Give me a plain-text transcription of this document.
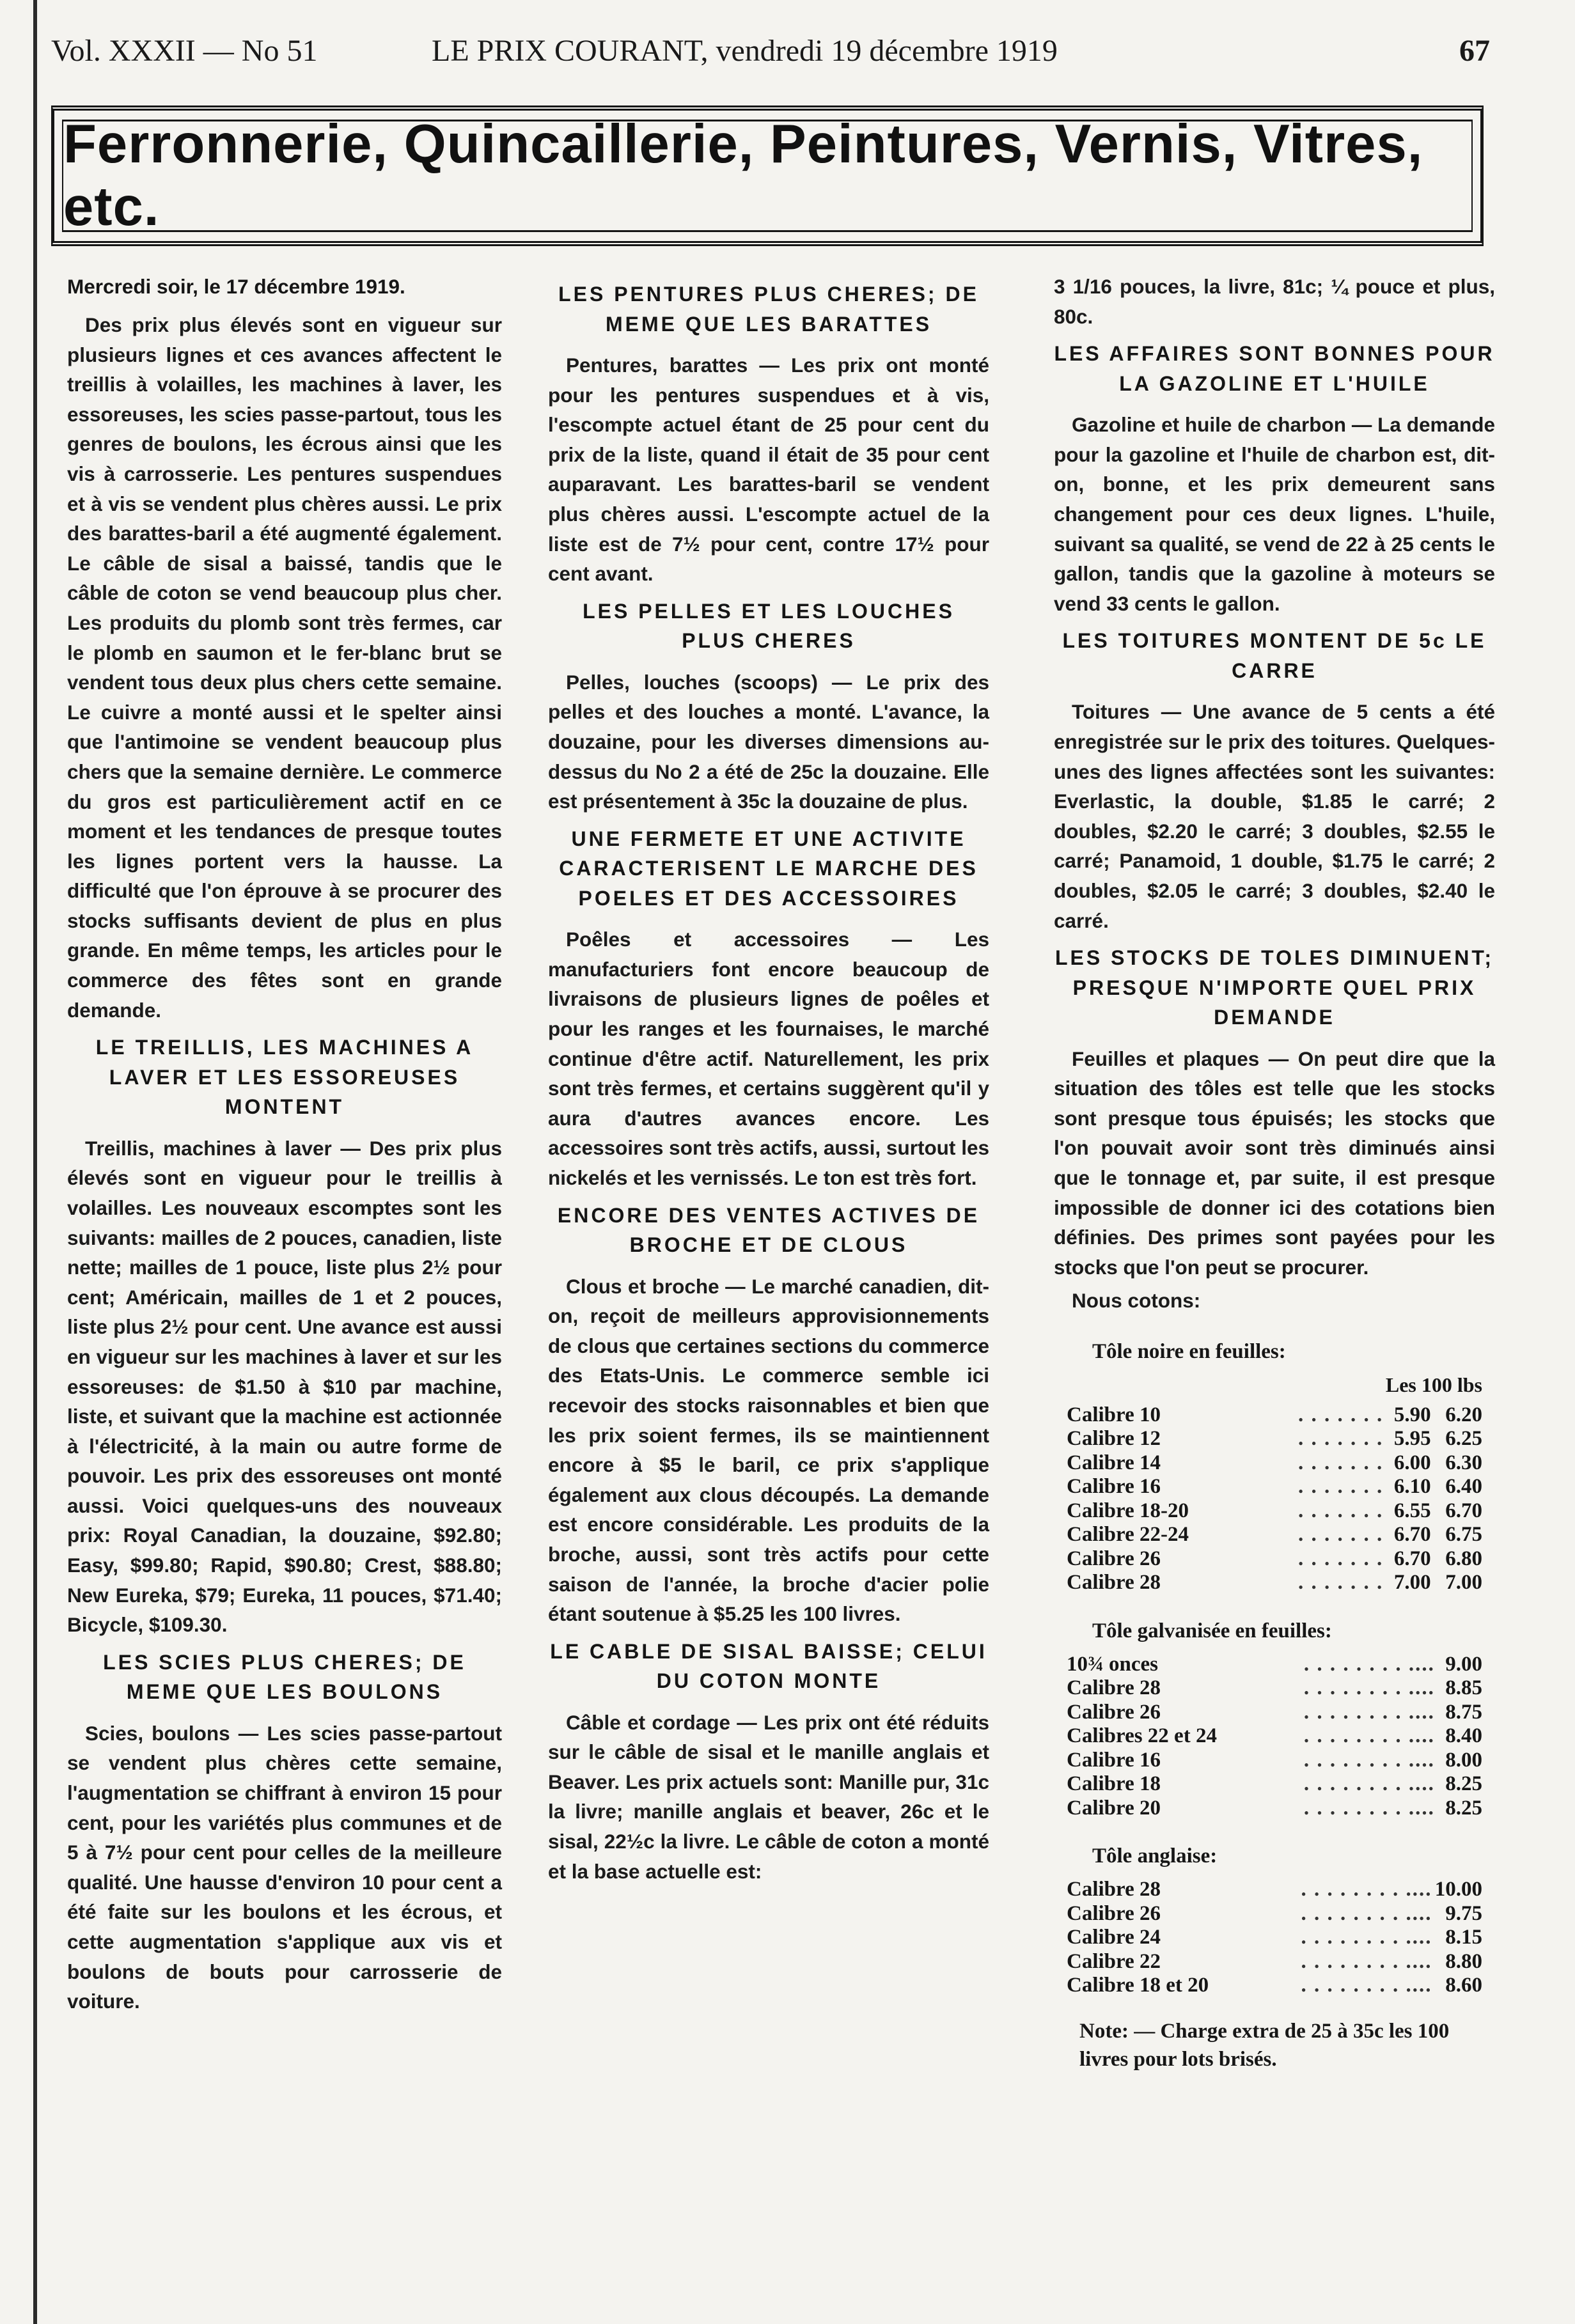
Vol. XXXII — No 51	LE PRIX COURANT, vendredi 19 décembre 1919	67
Ferronnerie, Quincaillerie, Peintures, Vernis, Vitres, etc.

Mercredi soir, le 17 décembre 1919.

Des prix plus élevés sont en vigueur sur plusieurs lignes et ces avances affectent le treillis à volailles, les machines à laver, les essoreuses, les scies passe-partout, tous les genres de boulons, les écrous ainsi que les vis à carrosserie. Les pentures suspendues et à vis se vendent plus chères aussi. Le prix des barattes-baril a été augmenté également. Le câble de sisal a baissé, tandis que le câble de coton se vend beaucoup plus cher. Les produits du plomb sont très fermes, car le plomb en saumon et le fer-blanc brut se vendent tous deux plus chers cette semaine. Le cuivre a monté aussi et le spelter ainsi que l'antimoine se vendent beaucoup plus chers que la semaine dernière. Le commerce du gros est particulièrement actif en ce moment et les tendances de presque toutes les lignes portent vers la hausse. La difficulté que l'on éprouve à se procurer des stocks suffisants devient de plus en plus grande. En même temps, les articles pour le commerce des fêtes sont en grande demande.

LE TREILLIS, LES MACHINES A LAVER ET LES ESSOREUSES MONTENT

Treillis, machines à laver — Des prix plus élevés sont en vigueur pour le treillis à volailles. Les nouveaux escomptes sont les suivants: mailles de 2 pouces, canadien, liste nette; mailles de 1 pouce, liste plus 2½ pour cent; Américain, mailles de 1 et 2 pouces, liste plus 2½ pour cent. Une avance est aussi en vigueur sur les machines à laver et sur les essoreuses: de $1.50 à $10 par machine, liste, et suivant que la machine est actionnée à l'électricité, à la main ou autre forme de pouvoir. Les prix des essoreuses ont monté aussi. Voici quelques-uns des nouveaux prix: Royal Canadian, la douzaine, $92.80; Easy, $99.80; Rapid, $90.80; Crest, $88.80; New Eureka, $79; Eureka, 11 pouces, $71.40; Bicycle, $109.30.

LES SCIES PLUS CHERES; DE MEME QUE LES BOULONS

Scies, boulons — Les scies passe-partout se vendent plus chères cette semaine, l'augmentation se chiffrant à environ 15 pour cent, pour les variétés plus communes et de 5 à 7½ pour cent pour celles de la meilleure qualité. Une hausse d'environ 10 pour cent a été faite sur les boulons et les écrous, et cette augmentation s'applique aux vis et boulons de bouts pour carrosserie de voiture.

LES PENTURES PLUS CHERES; DE MEME QUE LES BARATTES

Pentures, barattes — Les prix ont monté pour les pentures suspendues et à vis, l'escompte actuel étant de 25 pour cent du prix de la liste, quand il était de 35 pour cent auparavant. Les barattes-baril se vendent plus chères aussi. L'escompte actuel de la liste est de 7½ pour cent, contre 17½ pour cent avant.

LES PELLES ET LES LOUCHES PLUS CHERES

Pelles, louches (scoops) — Le prix des pelles et des louches a monté. L'avance, la douzaine, pour les diverses dimensions au-dessus du No 2 a été de 25c la douzaine. Elle est présentement à 35c la douzaine de plus.

UNE FERMETE ET UNE ACTIVITE CARACTERISENT LE MARCHE DES POELES ET DES ACCESSOIRES

Poêles et accessoires — Les manufacturiers font encore beaucoup de livraisons de plusieurs lignes de poêles et pour les ranges et les fournaises, le marché continue d'être actif. Naturellement, les prix sont très fermes, et certains suggèrent qu'il y aura d'autres avances encore. Les accessoires sont très actifs, aussi, surtout les nickelés et les vernissés. Le ton est très fort.

ENCORE DES VENTES ACTIVES DE BROCHE ET DE CLOUS

Clous et broche — Le marché canadien, dit-on, reçoit de meilleurs approvisionnements de clous que certaines sections du commerce des Etats-Unis. Le commerce semble ici recevoir des stocks raisonnables et bien que les prix soient fermes, ils se maintiennent encore à $5 le baril, ce prix s'applique également aux clous découpés. La demande est encore considérable. Les produits de la broche, aussi, sont très actifs pour cette saison de l'année, la broche d'acier polie étant soutenue à $5.25 les 100 livres.

LE CABLE DE SISAL BAISSE; CELUI DU COTON MONTE

Câble et cordage — Les prix ont été réduits sur le câble de sisal et le manille anglais et Beaver. Les prix actuels sont: Manille pur, 31c la livre; manille anglais et beaver, 26c et le sisal, 22½c la livre. Le câble de coton a monté et la base actuelle est:

3 1/16 pouces, la livre, 81c; ¼ pouce et plus, 80c.

LES AFFAIRES SONT BONNES POUR LA GAZOLINE ET L'HUILE

Gazoline et huile de charbon — La demande pour la gazoline et l'huile de charbon est, dit-on, bonne, et les prix demeurent sans changement pour ces deux lignes. L'huile, suivant sa qualité, se vend de 22 à 25 cents le gallon, tandis que la gazoline à moteurs se vend 33 cents le gallon.

LES TOITURES MONTENT DE 5c LE CARRE

Toitures — Une avance de 5 cents a été enregistrée sur le prix des toitures. Quelques-unes des lignes affectées sont les suivantes: Everlastic, la double, $1.85 le carré; 2 doubles, $2.20 le carré; 3 doubles, $2.55 le carré; Panamoid, 1 double, $1.75 le carré; 2 doubles, $2.05 le carré; 3 doubles, $2.40 le carré.

LES STOCKS DE TOLES DIMINUENT; PRESQUE N'IMPORTE QUEL PRIX DEMANDE

Feuilles et plaques — On peut dire que la situation des tôles est telle que les stocks sont presque tous épuisés; les stocks que l'on pouvait avoir sont très diminués ainsi que le tonnage et, par suite, il est presque impossible de donner ici des cotations bien définies. Des primes sont payées pour les stocks que l'on peut se procurer.

Nous cotons:

Tôle noire en feuilles:
Les 100 lbs
Calibre 10	. . . . . . .	5.90	6.20
Calibre 12	. . . . . . .	5.95	6.25
Calibre 14	. . . . . . .	6.00	6.30
Calibre 16	. . . . . . .	6.10	6.40
Calibre 18-20	. . . . . . .	6.55	6.70
Calibre 22-24	. . . . . . .	6.70	6.75
Calibre 26	. . . . . . .	6.70	6.80
Calibre 28	. . . . . . .	7.00	7.00
Tôle galvanisée en feuilles:
10¾ onces	. . . . . . . . ....	9.00
Calibre 28	. . . . . . . . ....	8.85
Calibre 26	. . . . . . . . ....	8.75
Calibres 22 et 24	. . . . . . . . ....	8.40
Calibre 16	. . . . . . . . ....	8.00
Calibre 18	. . . . . . . . ....	8.25
Calibre 20	. . . . . . . . ....	8.25
Tôle anglaise:
Calibre 28	. . . . . . . . ....	10.00
Calibre 26	. . . . . . . . ....	9.75
Calibre 24	. . . . . . . . ....	8.15
Calibre 22	. . . . . . . . ....	8.80
Calibre 18 et 20	. . . . . . . . ....	8.60
Note: — Charge extra de 25 à 35c les 100 livres pour lots brisés.
